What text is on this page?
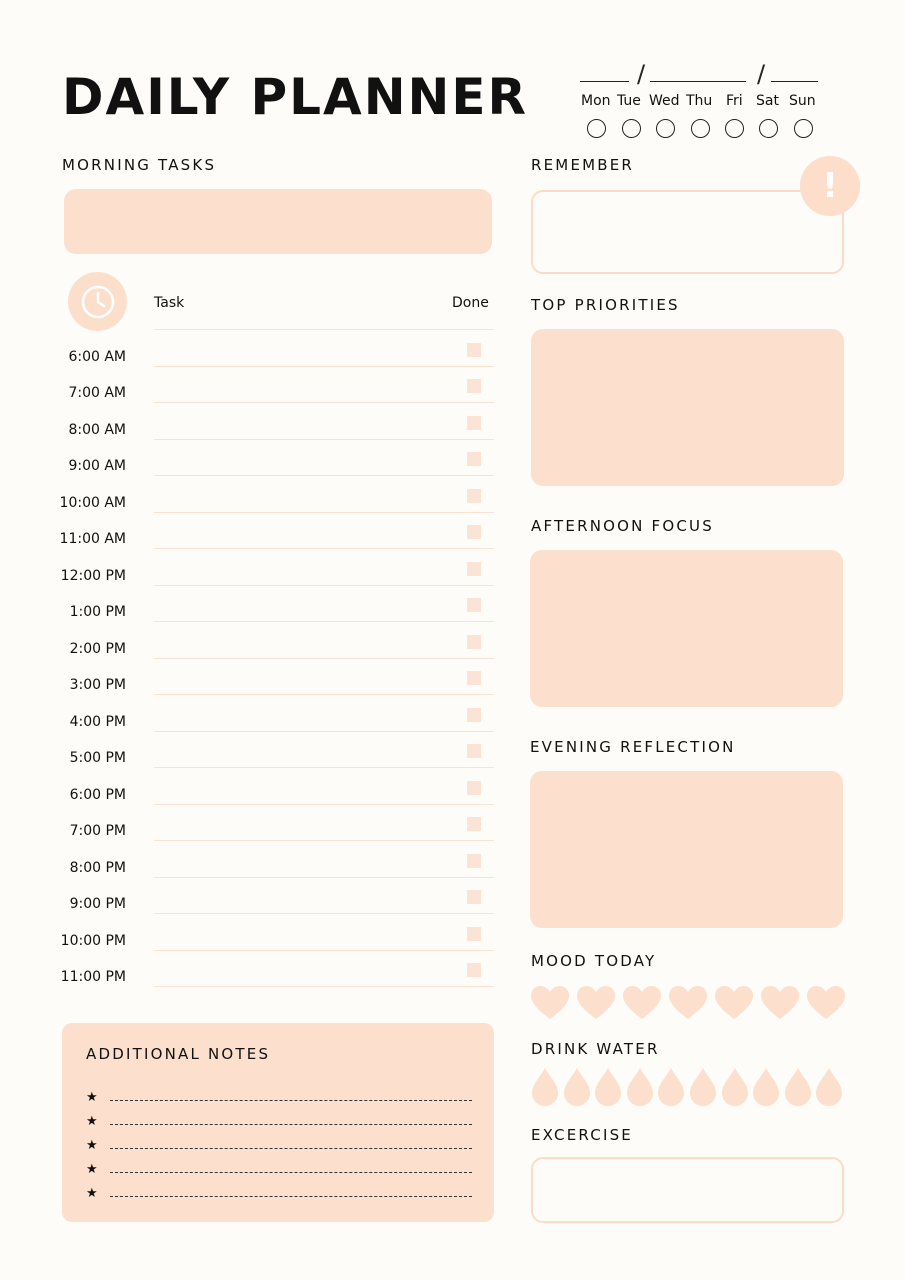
DAILY PLANNER	/	/
Mon Tue Wed Thu Fri Sat Sun
MORNING TASKS
Task	Done
6:00 AM
7:00 AM
8:00 AM
9:00 AM
10:00 AM
11:00 AM
12:00 PM
1:00 PM
2:00 PM
3:00 PM
4:00 PM
5:00 PM
6:00 PM
7:00 PM
8:00 PM
9:00 PM
10:00 PM
11:00 PM
ADDITIONAL NOTES
★
★
★
★
★
REMEMBER
!
TOP PRIORITIES
AFTERNOON FOCUS
EVENING REFLECTION
MOOD TODAY
DRINK WATER
EXCERCISE
